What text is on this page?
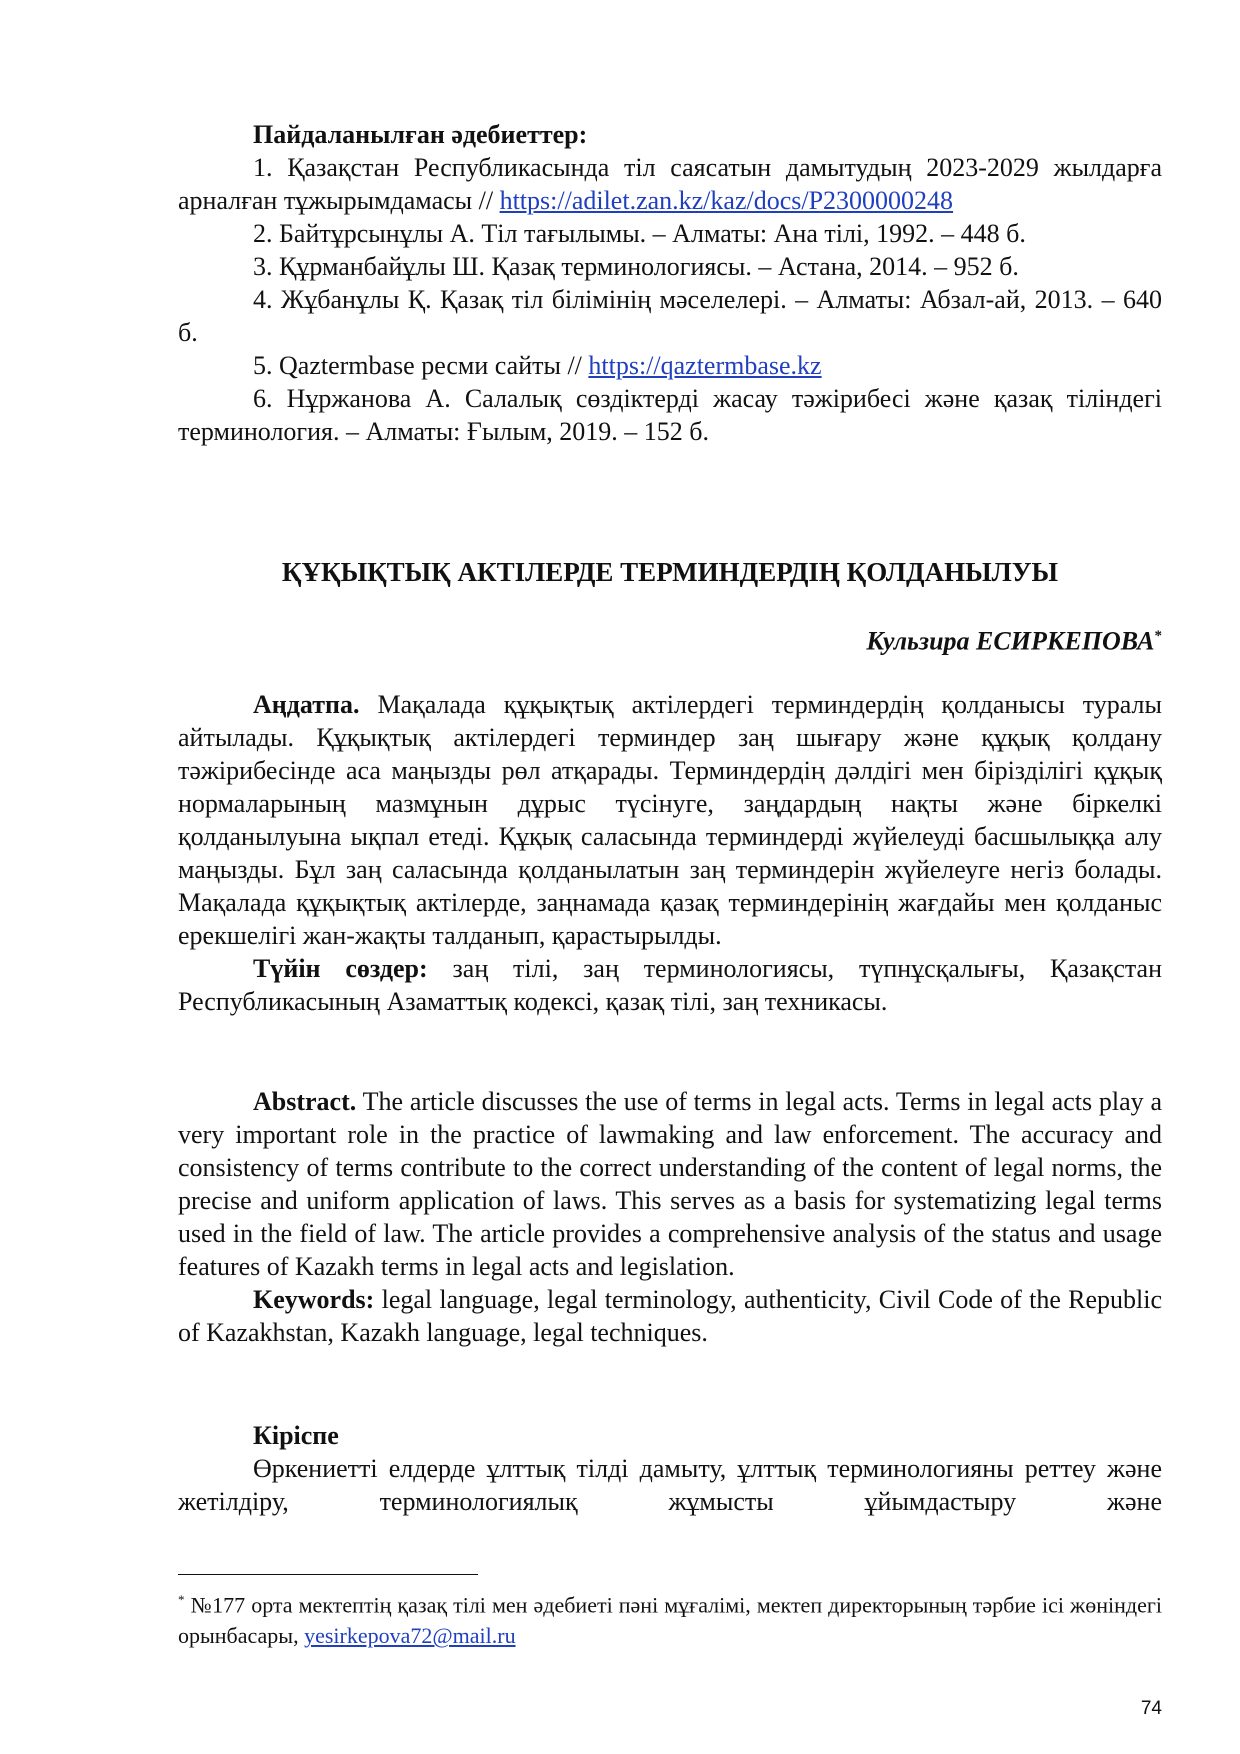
Пайдаланылған әдебиеттер:

1. Қазақстан Республикасында тіл саясатын дамытудың 2023-2029 жылдарға арналған тұжырымдамасы // https://adilet.zan.kz/kaz/docs/P2300000248

2. Байтұрсынұлы А. Тіл тағылымы. – Алматы: Ана тілі, 1992. – 448 б.

3. Құрманбайұлы Ш. Қазақ терминологиясы. – Астана, 2014. – 952 б.

4. Жұбанұлы Қ. Қазақ тіл білімінің мәселелері. – Алматы: Абзал-ай, 2013. – 640 б.

5. Qaztermbase ресми сайты // https://qaztermbase.kz

6. Нұржанова А. Салалық сөздіктерді жасау тәжірибесі және қазақ тіліндегі терминология. – Алматы: Ғылым, 2019. – 152 б.

ҚҰҚЫҚТЫҚ АКТІЛЕРДЕ ТЕРМИНДЕРДІҢ ҚОЛДАНЫЛУЫ
Кульзира ЕСИРКЕПОВА*

Аңдатпа. Мақалада құқықтық актілердегі терминдердің қолданысы туралы айтылады. Құқықтық актілердегі терминдер заң шығару және құқық қолдану тәжірибесінде аса маңызды рөл атқарады. Терминдердің дәлдігі мен біріздiлiгi құқық нормаларының мазмұнын дұрыс түсінуге, заңдардың нақты және біркелкі қолданылуына ықпал етеді. Құқық саласында терминдерді жүйелеуді басшылыққа алу маңызды. Бұл заң саласында қолданылатын заң терминдерін жүйелеуге негіз болады. Мақалада құқықтық актілерде, заңнамада қазақ терминдерінің жағдайы мен қолданыс ерекшелігі жан-жақты талданып, қарастырылды.

Түйін сөздер: заң тілі, заң терминологиясы, түпнұсқалығы, Қазақстан Республикасының Азаматтық кодексі, қазақ тілі, заң техникасы.

Abstract. The article discusses the use of terms in legal acts. Terms in legal acts play a very important role in the practice of lawmaking and law enforcement. The accuracy and consistency of terms contribute to the correct understanding of the content of legal norms, the precise and uniform application of laws. This serves as a basis for systematizing legal terms used in the field of law. The article provides a comprehensive analysis of the status and usage features of Kazakh terms in legal acts and legislation.

Keywords: legal language, legal terminology, authenticity, Civil Code of the Republic of Kazakhstan, Kazakh language, legal techniques.

Кіріспе

Өркениетті елдерде ұлттық тілді дамыту, ұлттық терминологияны реттеу және жетілдіру, терминологиялық жұмысты ұйымдастыру және

* №177 орта мектептің қазақ тілі мен әдебиеті пәні мұғалімі, мектеп директорының тәрбие ісі жөніндегі орынбасары, yesirkepova72@mail.ru

74
